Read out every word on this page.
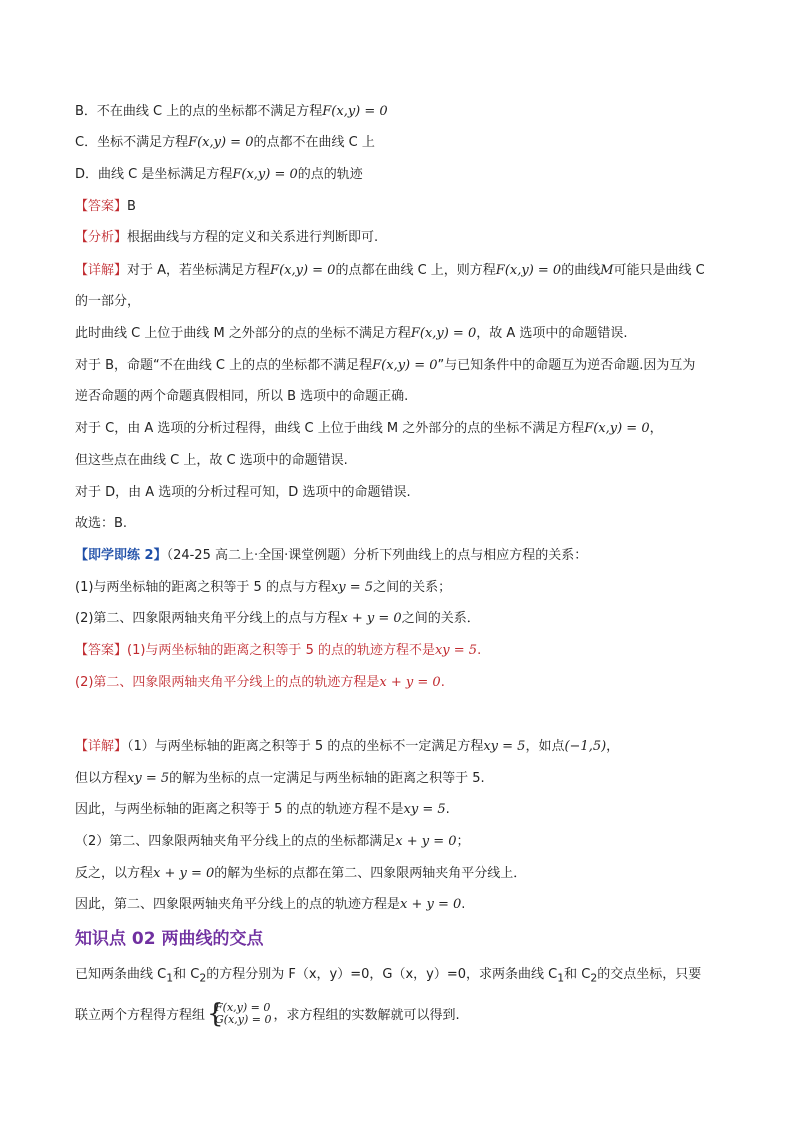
B．不在曲线 C 上的点的坐标都不满足方程F(x,y) = 0
C．坐标不满足方程F(x,y) = 0的点都不在曲线 C 上
D．曲线 C 是坐标满足方程F(x,y) = 0的点的轨迹
【答案】B
【分析】根据曲线与方程的定义和关系进行判断即可.
【详解】对于 A，若坐标满足方程F(x,y) = 0的点都在曲线 C 上，则方程F(x,y) = 0的曲线M可能只是曲线 C
的一部分，
此时曲线 C 上位于曲线 M 之外部分的点的坐标不满足方程F(x,y) = 0，故 A 选项中的命题错误.
对于 B，命题“不在曲线 C 上的点的坐标都不满足程F(x,y) = 0”与已知条件中的命题互为逆否命题.因为互为
逆否命题的两个命题真假相同，所以 B 选项中的命题正确.
对于 C，由 A 选项的分析过程得，曲线 C 上位于曲线 M 之外部分的点的坐标不满足方程F(x,y) = 0，
但这些点在曲线 C 上，故 C 选项中的命题错误.
对于 D，由 A 选项的分析过程可知，D 选项中的命题错误.
故选：B.
【即学即练 2】（24-25 高二上·全国·课堂例题）分析下列曲线上的点与相应方程的关系：
(1)与两坐标轴的距离之积等于 5 的点与方程xy = 5之间的关系；
(2)第二、四象限两轴夹角平分线上的点与方程x + y = 0之间的关系．
【答案】(1)与两坐标轴的距离之积等于 5 的点的轨迹方程不是xy = 5.
(2)第二、四象限两轴夹角平分线上的点的轨迹方程是x + y = 0.
【详解】（1）与两坐标轴的距离之积等于 5 的点的坐标不一定满足方程xy = 5，如点(−1,5)，
但以方程xy = 5的解为坐标的点一定满足与两坐标轴的距离之积等于 5.
因此，与两坐标轴的距离之积等于 5 的点的轨迹方程不是xy = 5.
（2）第二、四象限两轴夹角平分线上的点的坐标都满足x + y = 0；
反之，以方程x + y = 0的解为坐标的点都在第二、四象限两轴夹角平分线上．
因此，第二、四象限两轴夹角平分线上的点的轨迹方程是x + y = 0.
知识点 02 两曲线的交点
已知两条曲线 $C_1$和 $C_2$的方程分别为 F（x，y）=0，G（x，y）=0，求两条曲线 $C_1$和 $C_2$的交点坐标，只要
联立两个方程得方程组 {
F(x,y) = 0
G(x,y) = 0 ，求方程组的实数解就可以得到.
